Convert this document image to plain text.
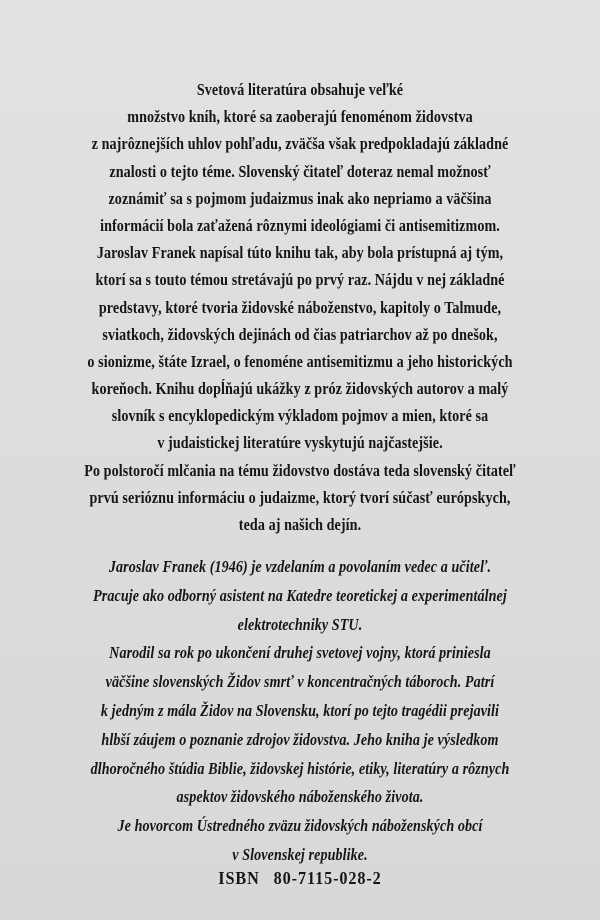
Svetová literatúra obsahuje veľké
množstvo kníh, ktoré sa zaoberajú fenoménom židovstva
z najrôznejších uhlov pohľadu, zväčša však predpokladajú základné
znalosti o tejto téme. Slovenský čitateľ doteraz nemal možnosť
zoznámiť sa s pojmom judaizmus inak ako nepriamo a väčšina
informácií bola zaťažená rôznymi ideológiami či antisemitizmom.
Jaroslav Franek napísal túto knihu tak, aby bola prístupná aj tým,
ktorí sa s touto témou stretávajú po prvý raz. Nájdu v nej základné
predstavy, ktoré tvoria židovské náboženstvo, kapitoly o Talmude,
sviatkoch, židovských dejinách od čias patriarchov až po dnešok,
o sionizme, štáte Izrael, o fenoméne antisemitizmu a jeho historických
koreňoch. Knihu dopĺňajú ukážky z próz židovských autorov a malý
slovník s encyklopedickým výkladom pojmov a mien, ktoré sa
v judaistickej literatúre vyskytujú najčastejšie.
Po polstoročí mlčania na tému židovstvo dostáva teda slovenský čitateľ
prvú serióznu informáciu o judaizme, ktorý tvorí súčasť európskych,
teda aj našich dejín.
Jaroslav Franek (1946) je vzdelaním a povolaním vedec a učiteľ.
Pracuje ako odborný asistent na Katedre teoretickej a experimentálnej
elektrotechniky STU.
Narodil sa rok po ukončení druhej svetovej vojny, ktorá priniesla
väčšine slovenských Židov smrť v koncentračných táboroch. Patrí
k jedným z mála Židov na Slovensku, ktorí po tejto tragédii prejavili
hlbší záujem o poznanie zdrojov židovstva. Jeho kniha je výsledkom
dlhoročného štúdia Biblie, židovskej histórie, etiky, literatúry a rôznych
aspektov židovského náboženského života.
Je hovorcom Ústredného zväzu židovských náboženských obcí
v Slovenskej republike.
ISBN 80-7115-028-2
